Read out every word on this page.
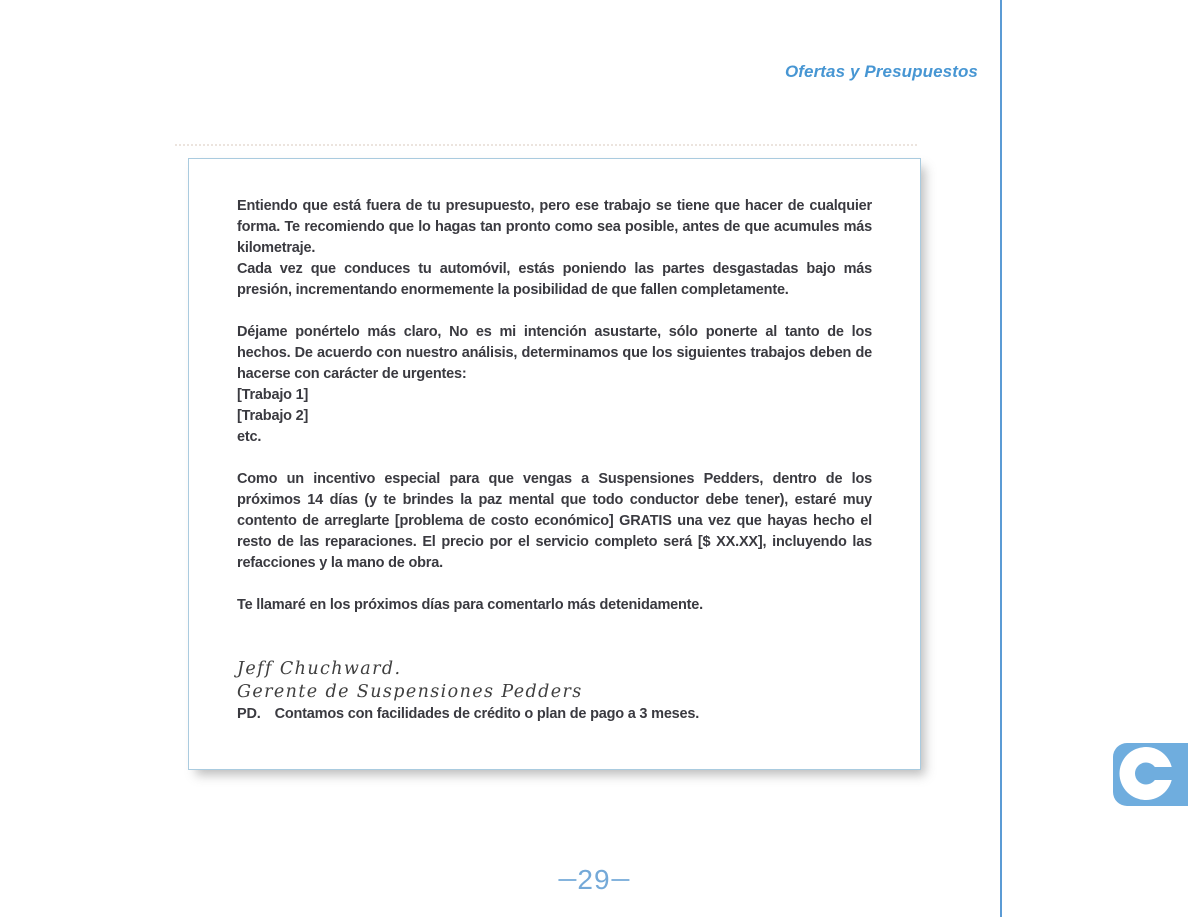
Ofertas y Presupuestos

Entiendo que está fuera de tu presupuesto, pero ese trabajo se tiene que hacer de cualquier forma. Te recomiendo que lo hagas tan pronto como sea posible, antes de que acumules más kilometraje.

Cada vez que conduces tu automóvil, estás poniendo las partes desgastadas bajo más presión, incrementando enormemente la posibilidad de que fallen completamente.

Déjame ponértelo más claro, No es mi intención asustarte, sólo ponerte al tanto de los hechos. De acuerdo con nuestro análisis, determinamos que los siguientes trabajos deben de hacerse con carácter de urgentes:

[Trabajo 1]

[Trabajo 2]

etc.

Como un incentivo especial para que vengas a Suspensiones Pedders, dentro de los próximos 14 días (y te brindes la paz mental que todo conductor debe tener), estaré muy contento de arreglarte [problema de costo económico] GRATIS una vez que hayas hecho el resto de las reparaciones. El precio por el servicio completo será [$ XX.XX], incluyendo las refacciones y la mano de obra.

Te llamaré en los próximos días para comentarlo más detenidamente.

Jeff Chuchward.
Gerente de Suspensiones Pedders

PD. Contamos con facilidades de crédito o plan de pago a 3 meses.

29
